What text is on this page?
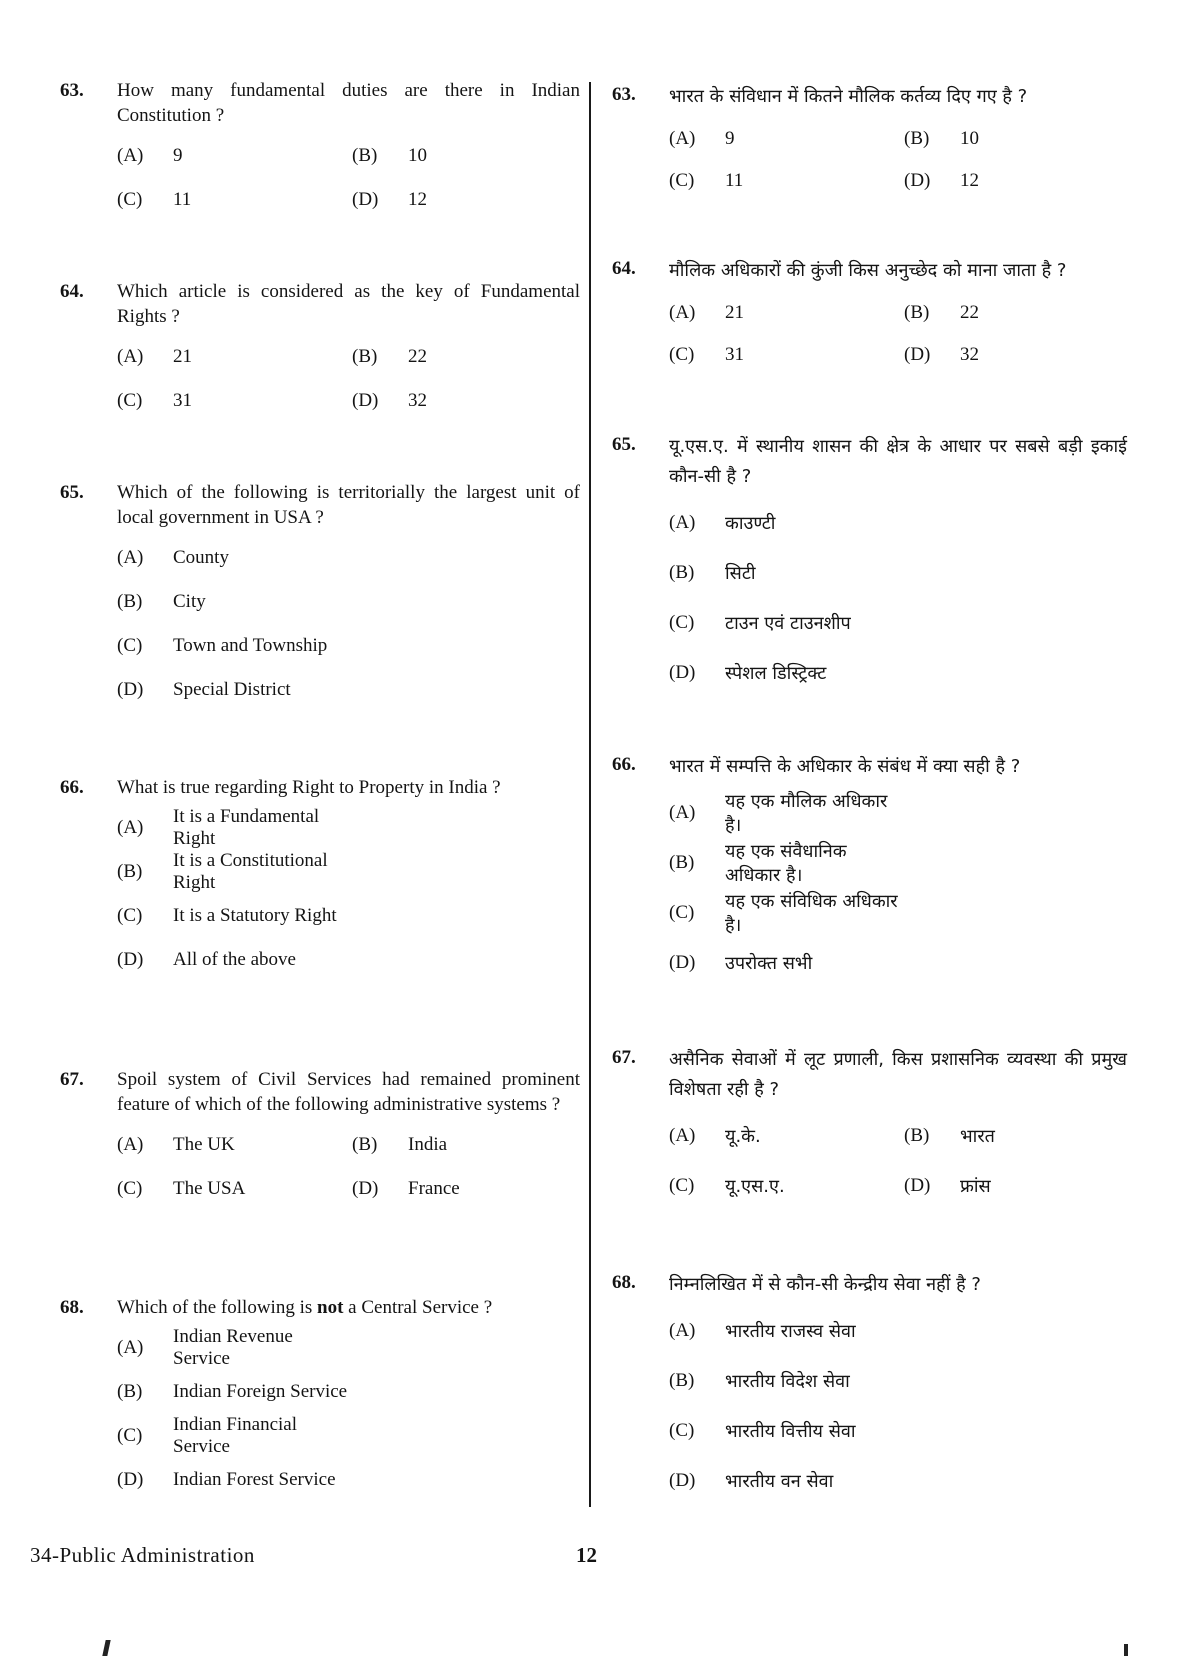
63.	How many fundamental duties are there in Indian Constitution ?
(A)	9	(B)	10
(C)	11	(D)	12
64.	Which article is considered as the key of Fundamental Rights ?
(A)	21	(B)	22
(C)	31	(D)	32
65.	Which of the following is territorially the largest unit of local government in USA ?
(A)	County
(B)	City
(C)	Town and Township
(D)	Special District
66.	What is true regarding Right to Property in India ?
(A)
It is a Fundamental Right
(B)
It is a Constitutional Right
(C)	It is a Statutory Right
(D)	All of the above
67.	Spoil system of Civil Services had remained prominent feature of which of the following administrative systems ?
(A)	The UK	(B)	India
(C)	The USA	(D)	France
68.	Which of the following is not a Central Service ?
(A)
Indian Revenue Service
(B)	Indian Foreign Service
(C)
Indian Financial Service
(D)	Indian Forest Service
63.	भारत के संविधान में कितने मौलिक कर्तव्य दिए गए है ?
(A)	9	(B)	10
(C)	11	(D)	12
64.	मौलिक अधिकारों की कुंजी किस अनुच्छेद को माना जाता है ?
(A)	21	(B)	22
(C)	31	(D)	32
65.	यू.एस.ए. में स्थानीय शासन की क्षेत्र के आधार पर सबसे बड़ी इकाई कौन-सी है ?
(A)	काउण्टी
(B)	सिटी
(C)	टाउन एवं टाउनशीप
(D)	स्पेशल डिस्ट्रिक्ट
66.	भारत में सम्पत्ति के अधिकार के संबंध में क्या सही है ?
(A)
यह एक मौलिक अधिकार है।
(B)
यह एक संवैधानिक अधिकार है।
(C)
यह एक संविधिक अधिकार है।
(D)	उपरोक्त सभी
67.	असैनिक सेवाओं में लूट प्रणाली, किस प्रशासनिक व्यवस्था की प्रमुख विशेषता रही है ?
(A)	यू.के.	(B)	भारत
(C)	यू.एस.ए.	(D)	फ्रांस
68.	निम्नलिखित में से कौन-सी केन्द्रीय सेवा नहीं है ?
(A)	भारतीय राजस्व सेवा
(B)	भारतीय विदेश सेवा
(C)	भारतीय वित्तीय सेवा
(D)	भारतीय वन सेवा
34-Public Administration	12
